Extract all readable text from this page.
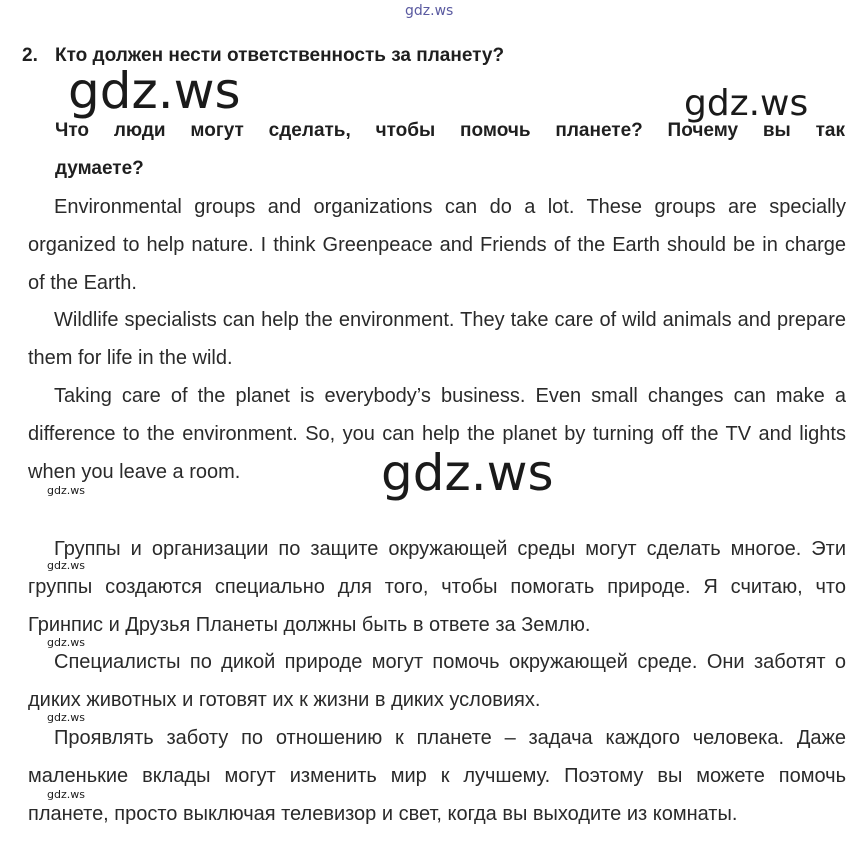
gdz.ws
2. Кто должен нести ответственность за планету?
gdz.ws	gdz.ws
Что люди могут сделать, чтобы помочь планете? Почему вы так
думаете?

Environmental groups and organizations can do a lot. These groups are specially organized to help nature. I think Greenpeace and Friends of the Earth should be in charge of the Earth.

Wildlife specialists can help the environment. They take care of wild animals and prepare them for life in the wild.

Taking care of the planet is everybody’s business. Even small changes can make a difference to the environment. So, you can help the planet by turning off the TV and lights when you leave a room.

Группы и организации по защите окружающей среды могут сделать многое. Эти группы создаются специально для того, чтобы помогать природе. Я считаю, что Гринпис и Друзья Планеты должны быть в ответе за Землю.

Специалисты по дикой природе могут помочь окружающей среде. Они заботят о диких животных и готовят их к жизни в диких условиях.

Проявлять заботу по отношению к планете – задача каждого человека. Даже маленькие вклады могут изменить мир к лучшему. Поэтому вы можете помочь планете, просто выключая телевизор и свет, когда вы выходите из комнаты.

gdz.ws
gdz.ws
gdz.ws
gdz.ws
gdz.ws
gdz.ws
